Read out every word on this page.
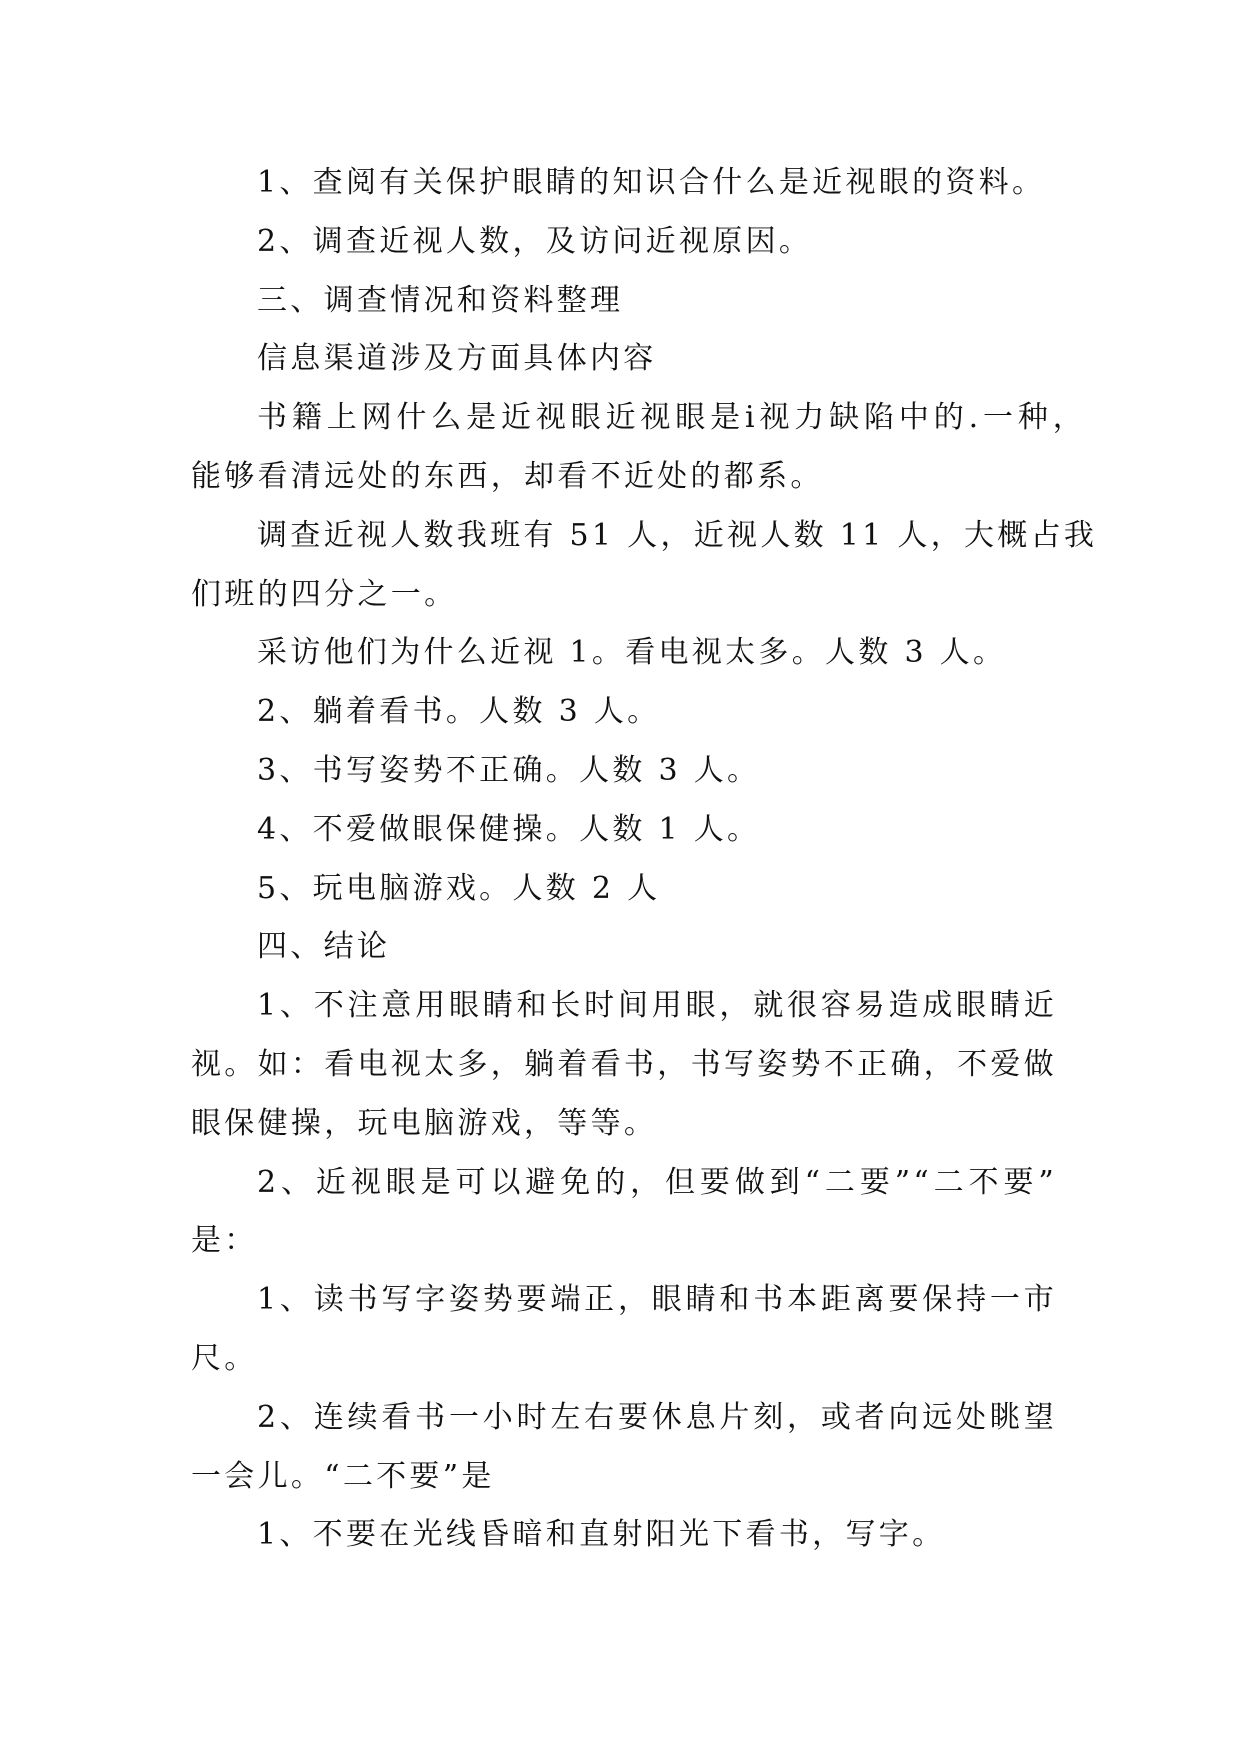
1、查阅有关保护眼睛的知识合什么是近视眼的资料。
2、调查近视人数，及访问近视原因。
三、调查情况和资料整理
信息渠道涉及方面具体内容
书籍上网什么是近视眼近视眼是i视力缺陷中的.一种，
能够看清远处的东西，却看不近处的都系。
调查近视人数我班有 51 人，近视人数 11 人，大概占我
们班的四分之一。
采访他们为什么近视 1。看电视太多。人数 3 人。
2、躺着看书。人数 3 人。
3、书写姿势不正确。人数 3 人。
4、不爱做眼保健操。人数 1 人。
5、玩电脑游戏。人数 2 人
四、结论
1、不注意用眼睛和长时间用眼，就很容易造成眼睛近
视。如：看电视太多，躺着看书，书写姿势不正确，不爱做
眼保健操，玩电脑游戏，等等。
2、近视眼是可以避免的，但要做到“二要”“二不要”
是：
1、读书写字姿势要端正，眼睛和书本距离要保持一市
尺。
2、连续看书一小时左右要休息片刻，或者向远处眺望
一会儿。“二不要”是
1、不要在光线昏暗和直射阳光下看书，写字。
